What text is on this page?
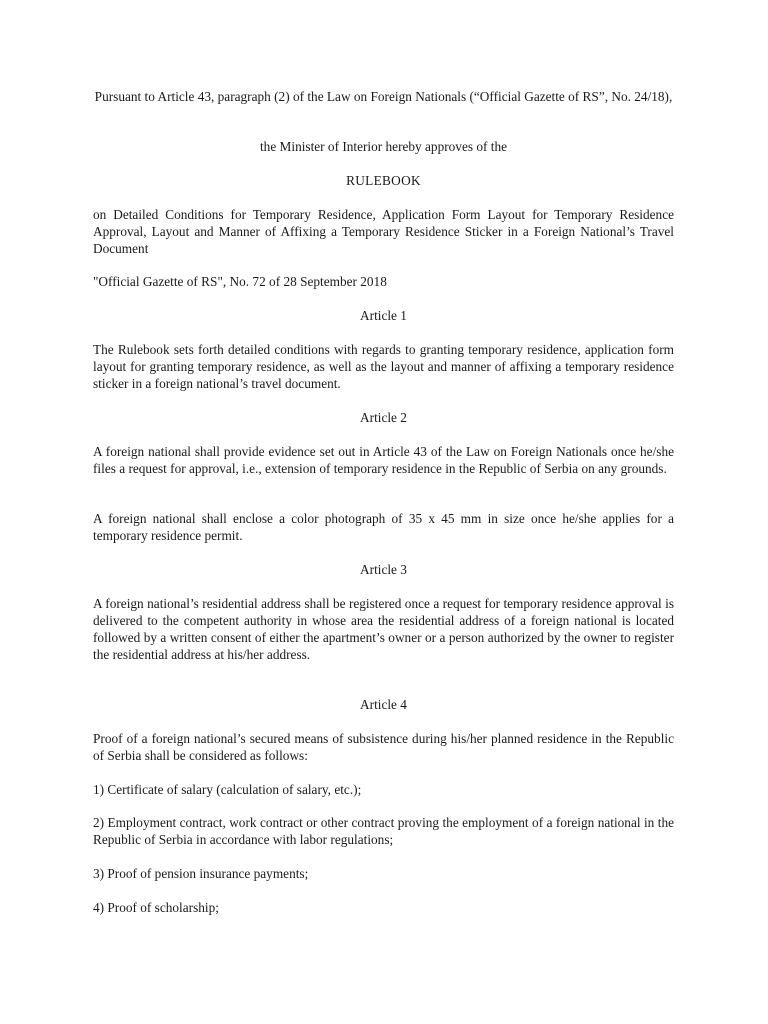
Pursuant to Article 43, paragraph (2) of the Law on Foreign Nationals (“Official Gazette of RS”, No. 24/18),

the Minister of Interior hereby approves of the

RULEBOOK

on Detailed Conditions for Temporary Residence, Application Form Layout for Temporary Residence Approval, Layout and Manner of Affixing a Temporary Residence Sticker in a Foreign National’s Travel Document

"Official Gazette of RS", No. 72 of 28 September 2018

Article 1

The Rulebook sets forth detailed conditions with regards to granting temporary residence, application form layout for granting temporary residence, as well as the layout and manner of affixing a temporary residence sticker in a foreign national’s travel document.

Article 2

A foreign national shall provide evidence set out in Article 43 of the Law on Foreign Nationals once he/she files a request for approval, i.e., extension of temporary residence in the Republic of Serbia on any grounds.

A foreign national shall enclose a color photograph of 35 x 45 mm in size once he/she applies for a temporary residence permit.

Article 3

A foreign national’s residential address shall be registered once a request for temporary residence approval is delivered to the competent authority in whose area the residential address of a foreign national is located followed by a written consent of either the apartment’s owner or a person authorized by the owner to register the residential address at his/her address.

Article 4

Proof of a foreign national’s secured means of subsistence during his/her planned residence in the Republic of Serbia shall be considered as follows:

1) Certificate of salary (calculation of salary, etc.);

2) Employment contract, work contract or other contract proving the employment of a foreign national in the Republic of Serbia in accordance with labor regulations;

3) Proof of pension insurance payments;

4) Proof of scholarship;
